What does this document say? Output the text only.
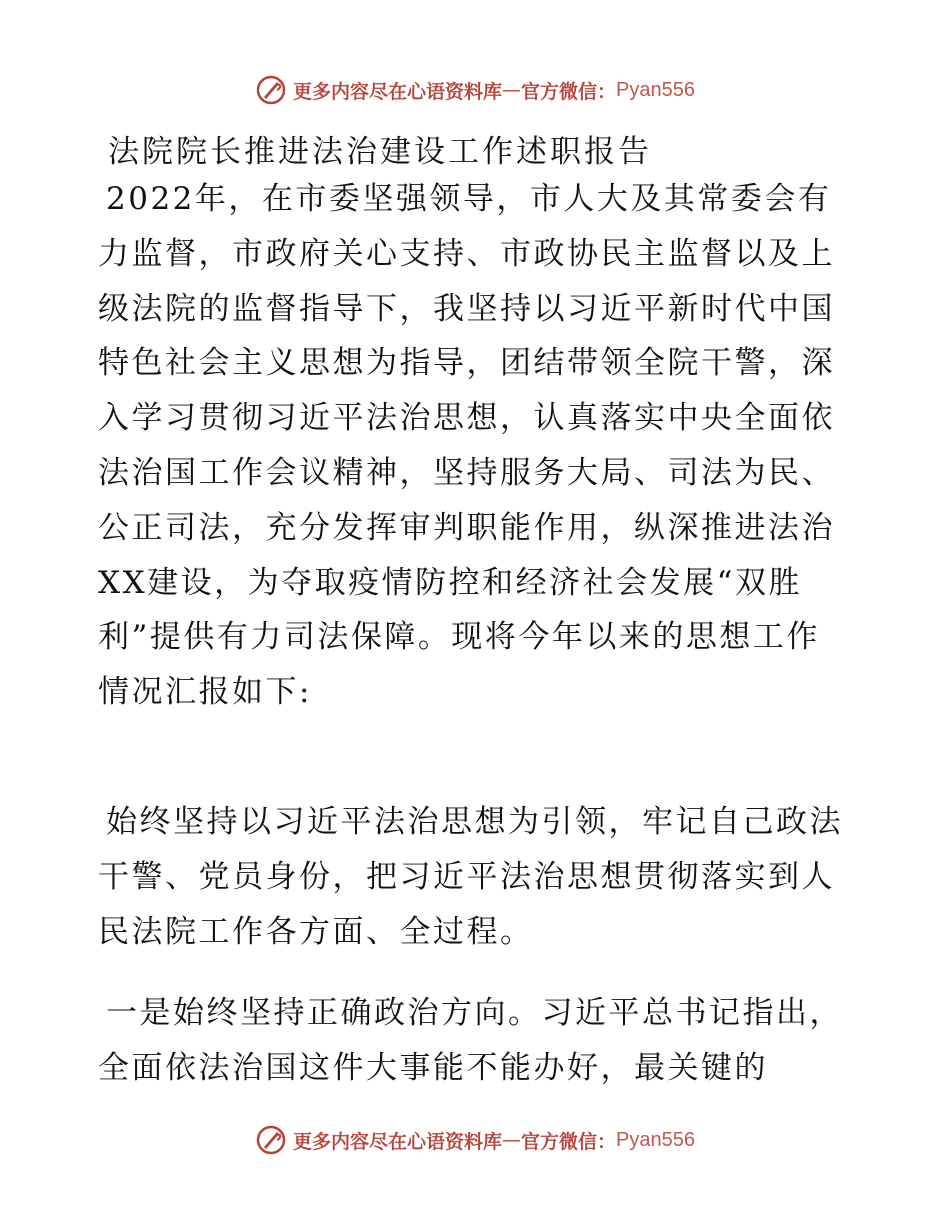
更多内容尽在心语资料库 — 官方微信： Pyan556
法院院长推进法治建设工作述职报告

2022年，在市委坚强领导，市人大及其常委会有力监督，市政府关心支持、市政协民主监督以及上级法院的监督指导下，我坚持以习近平新时代中国特色社会主义思想为指导，团结带领全院干警，深入学习贯彻习近平法治思想，认真落实中央全面依法治国工作会议精神，坚持服务大局、司法为民、公正司法，充分发挥审判职能作用，纵深推进法治XX建设，为夺取疫情防控和经济社会发展“双胜利”提供有力司法保障。现将今年以来的思想工作情况汇报如下:

始终坚持以习近平法治思想为引领，牢记自己政法干警、党员身份，把习近平法治思想贯彻落实到人民法院工作各方面、全过程。

一是始终坚持正确政治方向。习近平总书记指出，全面依法治国这件大事能不能办好，最关键的

更多内容尽在心语资料库 — 官方微信： Pyan556
